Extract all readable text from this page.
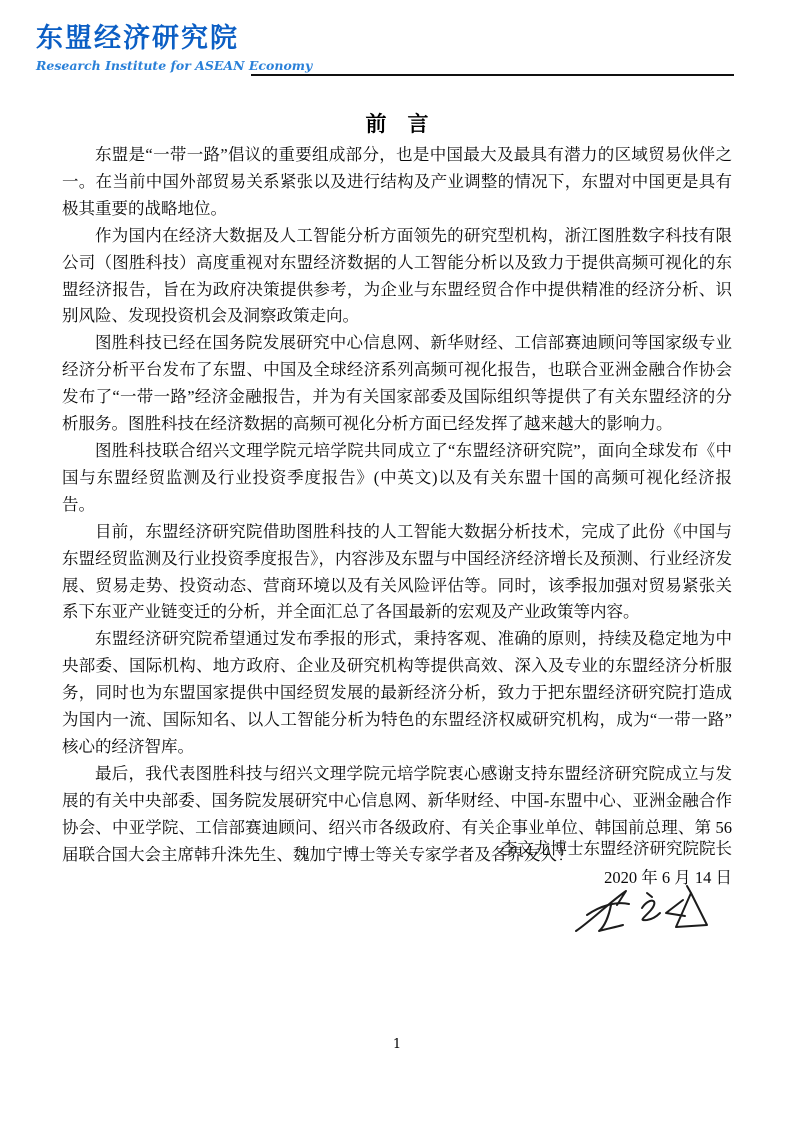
东盟经济研究院
Research Institute for ASEAN Economy
前　言

东盟是“一带一路”倡议的重要组成部分，也是中国最大及最具有潜力的区域贸易伙伴之一。在当前中国外部贸易关系紧张以及进行结构及产业调整的情况下，东盟对中国更是具有极其重要的战略地位。

作为国内在经济大数据及人工智能分析方面领先的研究型机构，浙江图胜数字科技有限公司（图胜科技）高度重视对东盟经济数据的人工智能分析以及致力于提供高频可视化的东盟经济报告，旨在为政府决策提供参考，为企业与东盟经贸合作中提供精准的经济分析、识别风险、发现投资机会及洞察政策走向。

图胜科技已经在国务院发展研究中心信息网、新华财经、工信部赛迪顾问等国家级专业经济分析平台发布了东盟、中国及全球经济系列高频可视化报告，也联合亚洲金融合作协会发布了“一带一路”经济金融报告，并为有关国家部委及国际组织等提供了有关东盟经济的分析服务。图胜科技在经济数据的高频可视化分析方面已经发挥了越来越大的影响力。

图胜科技联合绍兴文理学院元培学院共同成立了“东盟经济研究院”，面向全球发布《中国与东盟经贸监测及行业投资季度报告》(中英文)以及有关东盟十国的高频可视化经济报告。

目前，东盟经济研究院借助图胜科技的人工智能大数据分析技术，完成了此份《中国与东盟经贸监测及行业投资季度报告》，内容涉及东盟与中国经济经济增长及预测、行业经济发展、贸易走势、投资动态、营商环境以及有关风险评估等。同时，该季报加强对贸易紧张关系下东亚产业链变迁的分析，并全面汇总了各国最新的宏观及产业政策等内容。

东盟经济研究院希望通过发布季报的形式，秉持客观、准确的原则，持续及稳定地为中央部委、国际机构、地方政府、企业及研究机构等提供高效、深入及专业的东盟经济分析服务，同时也为东盟国家提供中国经贸发展的最新经济分析，致力于把东盟经济研究院打造成为国内一流、国际知名、以人工智能分析为特色的东盟经济权威研究机构，成为“一带一路”核心的经济智库。

最后，我代表图胜科技与绍兴文理学院元培学院衷心感谢支持东盟经济研究院成立与发展的有关中央部委、国务院发展研究中心信息网、新华财经、中国-东盟中心、亚洲金融合作协会、中亚学院、工信部赛迪顾问、绍兴市各级政府、有关企事业单位、韩国前总理、第 56 届联合国大会主席韩升洙先生、魏加宁博士等关专家学者及各界友人！

李文龙博士东盟经济研究院院长
2020 年 6 月 14 日
1
